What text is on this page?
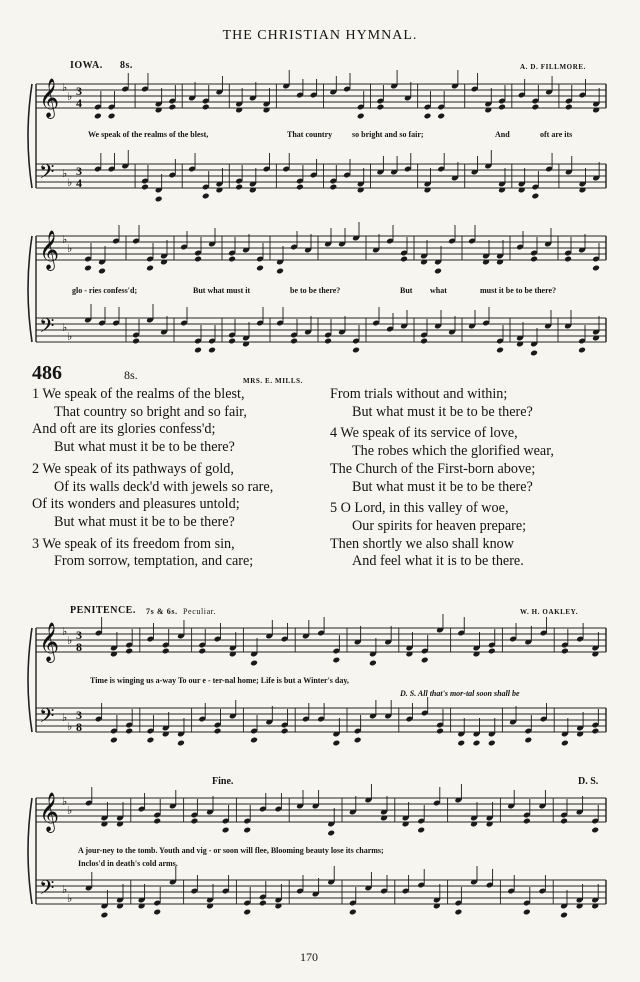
THE CHRISTIAN HYMNAL.
IOWA. 8s.	A. D. FILLMORE.
𝄞
𝄢
♭
♭
♭
♭
3
4
3
4
𝄞
𝄢
♭
♭
♭
♭
𝄞
𝄢
♭
♭
♭
♭
3
8
3
8
𝄞
𝄢
♭
♭
♭
♭
We speak of the realms of the blest,	That country so bright and so fair;	And	oft are its
glo - ries confess'd;	But what must it	be to be there?	But what	must it be to be there?
486	8s.	MRS. E. MILLS.
1 We speak of the realms of the blest,
That country so bright and so fair,
And oft are its glories confess'd;
But what must it be to be there?
2 We speak of its pathways of gold,
Of its walls deck'd with jewels so rare,
Of its wonders and pleasures untold;
But what must it be to be there?
3 We speak of its freedom from sin,
From sorrow, temptation, and care;
From trials without and within;
But what must it be to be there?
4 We speak of its service of love,
The robes which the glorified wear,
The Church of the First-born above;
But what must it be to be there?
5 O Lord, in this valley of woe,
Our spirits for heaven prepare;
Then shortly we also shall know
And feel what it is to be there.
PENITENCE. 7s & 6s. Peculiar.	W. H. OAKLEY.
Time is winging us a-way To our e - ter-nal home; Life is but a Winter's day,
D. S. All that's mor-tal soon shall be
Fine.	D. S.
A jour-ney to the tomb. Youth and vig - or soon will flee, Blooming beauty lose its charms;
Inclos'd in death's cold arms.
170
